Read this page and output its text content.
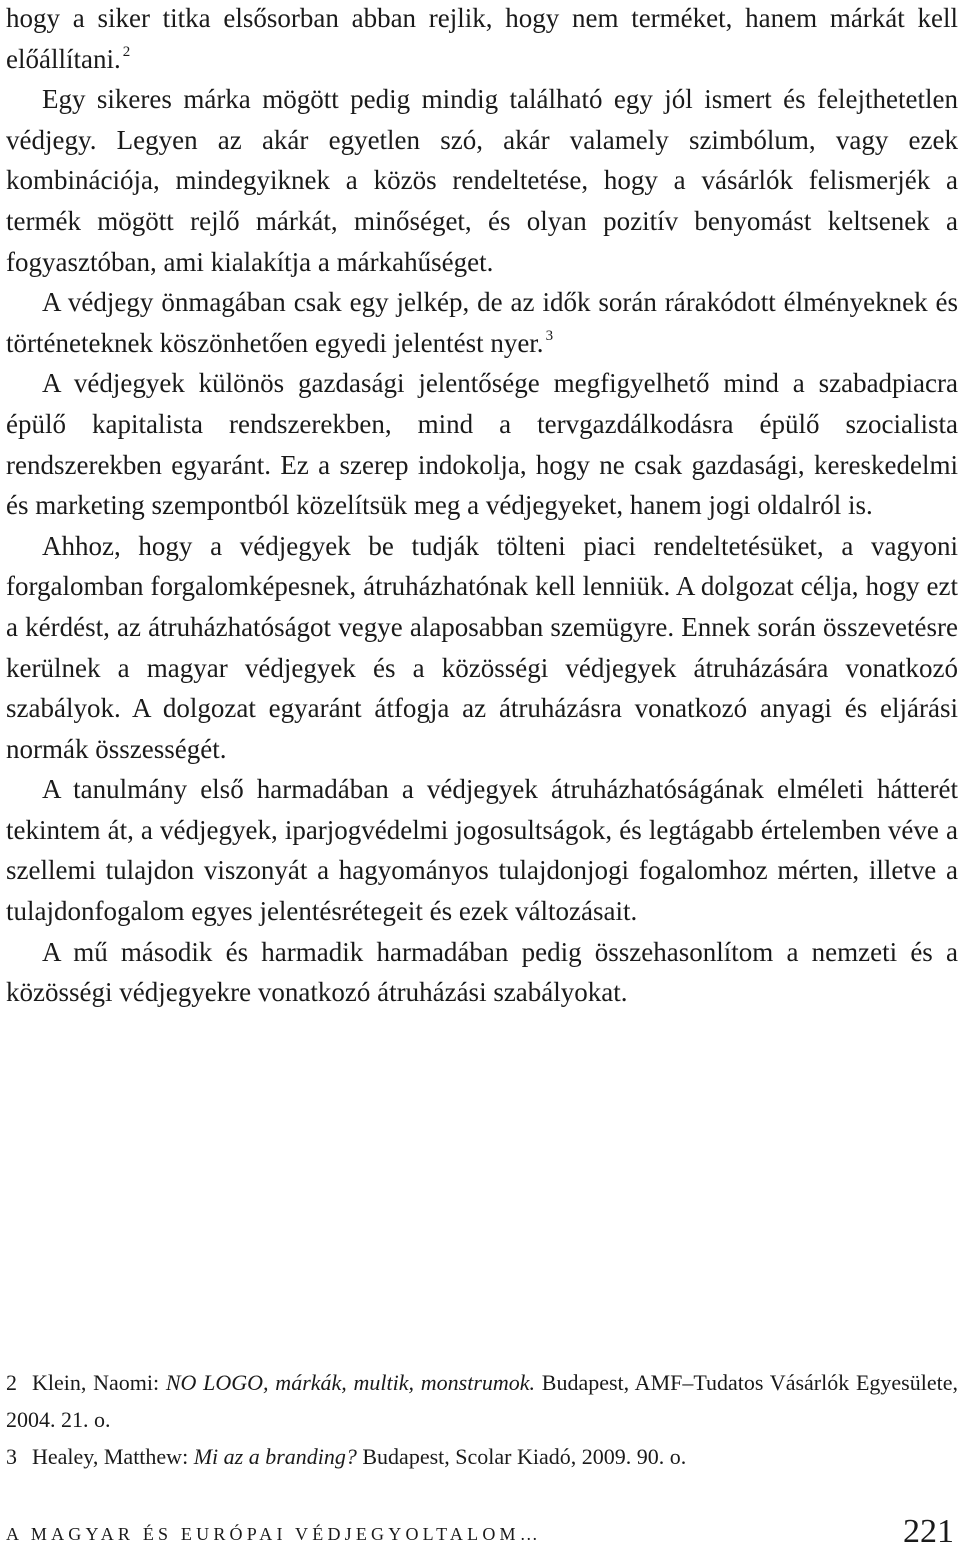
hogy a siker titka elsősorban abban rejlik, hogy nem terméket, hanem márkát kell előállítani. $^2$

Egy sikeres márka mögött pedig mindig található egy jól ismert és felejthetetlen védjegy. Legyen az akár egyetlen szó, akár valamely szimbólum, vagy ezek kombinációja, mindegyiknek a közös rendeltetése, hogy a vásárlók felismerjék a termék mögött rejlő márkát, minőséget, és olyan pozitív benyomást keltsenek a fogyasztóban, ami kialakítja a márkahűséget.

A védjegy önmagában csak egy jelkép, de az idők során rárakódott élményeknek és történeteknek köszönhetően egyedi jelentést nyer. $^3$

A védjegyek különös gazdasági jelentősége megfigyelhető mind a szabadpiacra épülő kapitalista rendszerekben, mind a tervgazdálkodásra épülő szocialista rendszerekben egyaránt. Ez a szerep indokolja, hogy ne csak gazdasági, kereskedelmi és marketing szempontból közelítsük meg a védjegyeket, hanem jogi oldalról is.

Ahhoz, hogy a védjegyek be tudják tölteni piaci rendeltetésüket, a vagyoni forgalomban forgalomképesnek, átruházhatónak kell lenniük. A dolgozat célja, hogy ezt a kérdést, az átruházhatóságot vegye alaposabban szemügyre. Ennek során összevetésre kerülnek a magyar védjegyek és a közösségi védjegyek átruházására vonatkozó szabályok. A dolgozat egyaránt átfogja az átruházásra vonatkozó anyagi és eljárási normák összességét.

A tanulmány első harmadában a védjegyek átruházhatóságának elméleti hátterét tekintem át, a védjegyek, iparjogvédelmi jogosultságok, és legtágabb értelemben véve a szellemi tulajdon viszonyát a hagyományos tulajdonjogi fogalomhoz mérten, illetve a tulajdonfogalom egyes jelentésrétegeit és ezek változásait.

A mű második és harmadik harmadában pedig összehasonlítom a nemzeti és a közösségi védjegyekre vonatkozó átruházási szabályokat.

2 Klein, Naomi: NO LOGO, márkák, multik, monstrumok. Budapest, AMF–Tudatos Vásárlók Egyesülete, 2004. 21. o.

3 Healey, Matthew: Mi az a branding? Budapest, Scolar Kiadó, 2009. 90. o.

A MAGYAR ÉS EURÓPAI VÉDJEGYOLTALOM…	221
